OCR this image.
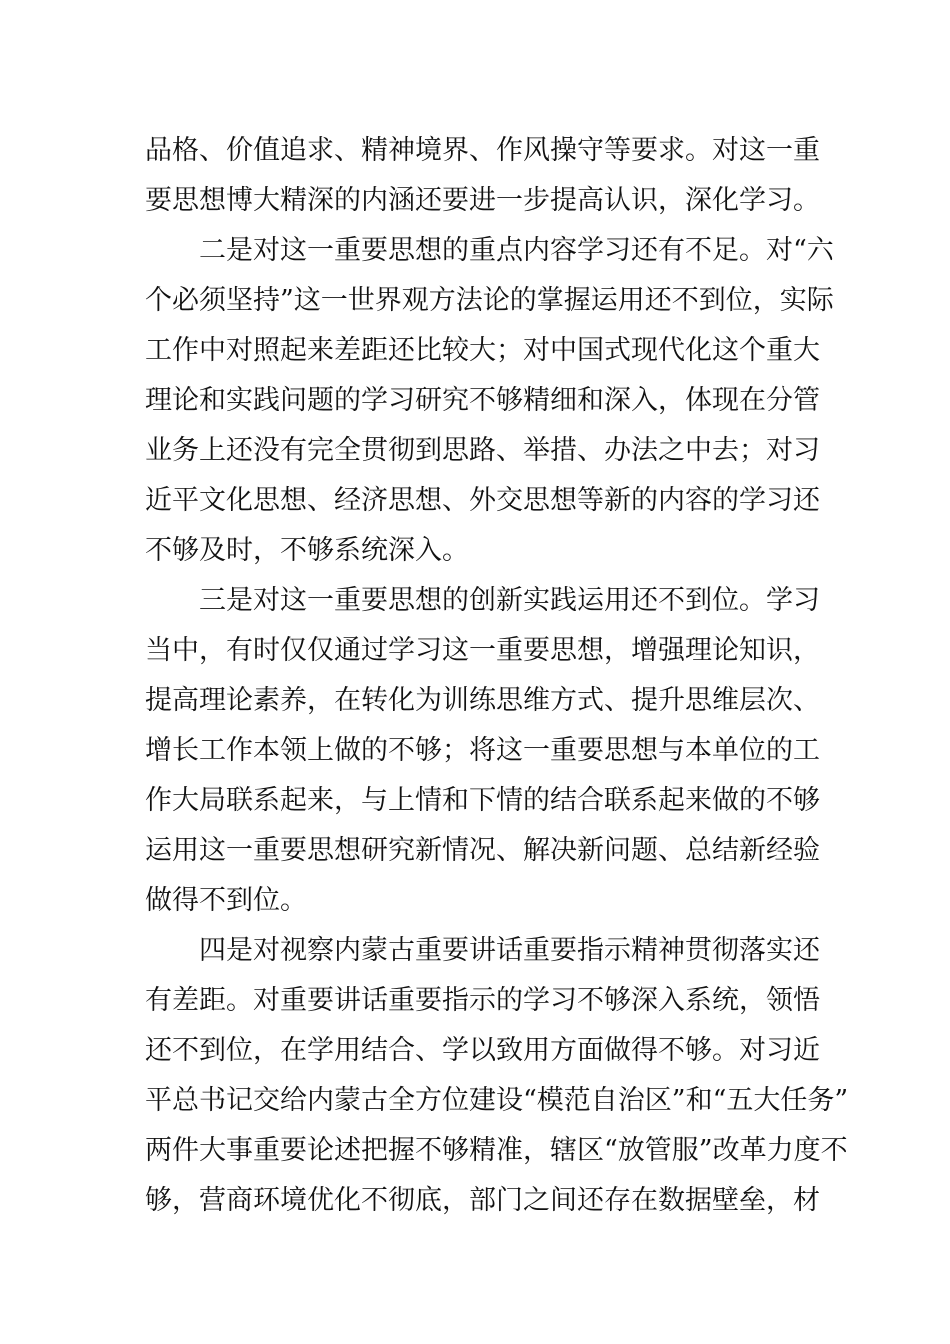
品格、价值追求、精神境界、作风操守等要求。对这一重
要思想博大精深的内涵还要进一步提高认识，深化学习。
二是对这一重要思想的重点内容学习还有不足。对“六
个必须坚持”这一世界观方法论的掌握运用还不到位，实际
工作中对照起来差距还比较大；对中国式现代化这个重大
理论和实践问题的学习研究不够精细和深入，体现在分管
业务上还没有完全贯彻到思路、举措、办法之中去；对习
近平文化思想、经济思想、外交思想等新的内容的学习还
不够及时，不够系统深入。
三是对这一重要思想的创新实践运用还不到位。学习
当中，有时仅仅通过学习这一重要思想，增强理论知识，
提高理论素养，在转化为训练思维方式、提升思维层次、
增长工作本领上做的不够；将这一重要思想与本单位的工
作大局联系起来，与上情和下情的结合联系起来做的不够
运用这一重要思想研究新情况、解决新问题、总结新经验
做得不到位。
四是对视察内蒙古重要讲话重要指示精神贯彻落实还
有差距。对重要讲话重要指示的学习不够深入系统，领悟
还不到位，在学用结合、学以致用方面做得不够。对习近
平总书记交给内蒙古全方位建设“模范自治区”和“五大任务”
两件大事重要论述把握不够精准，辖区“放管服”改革力度不
够，营商环境优化不彻底，部门之间还存在数据壁垒，材
